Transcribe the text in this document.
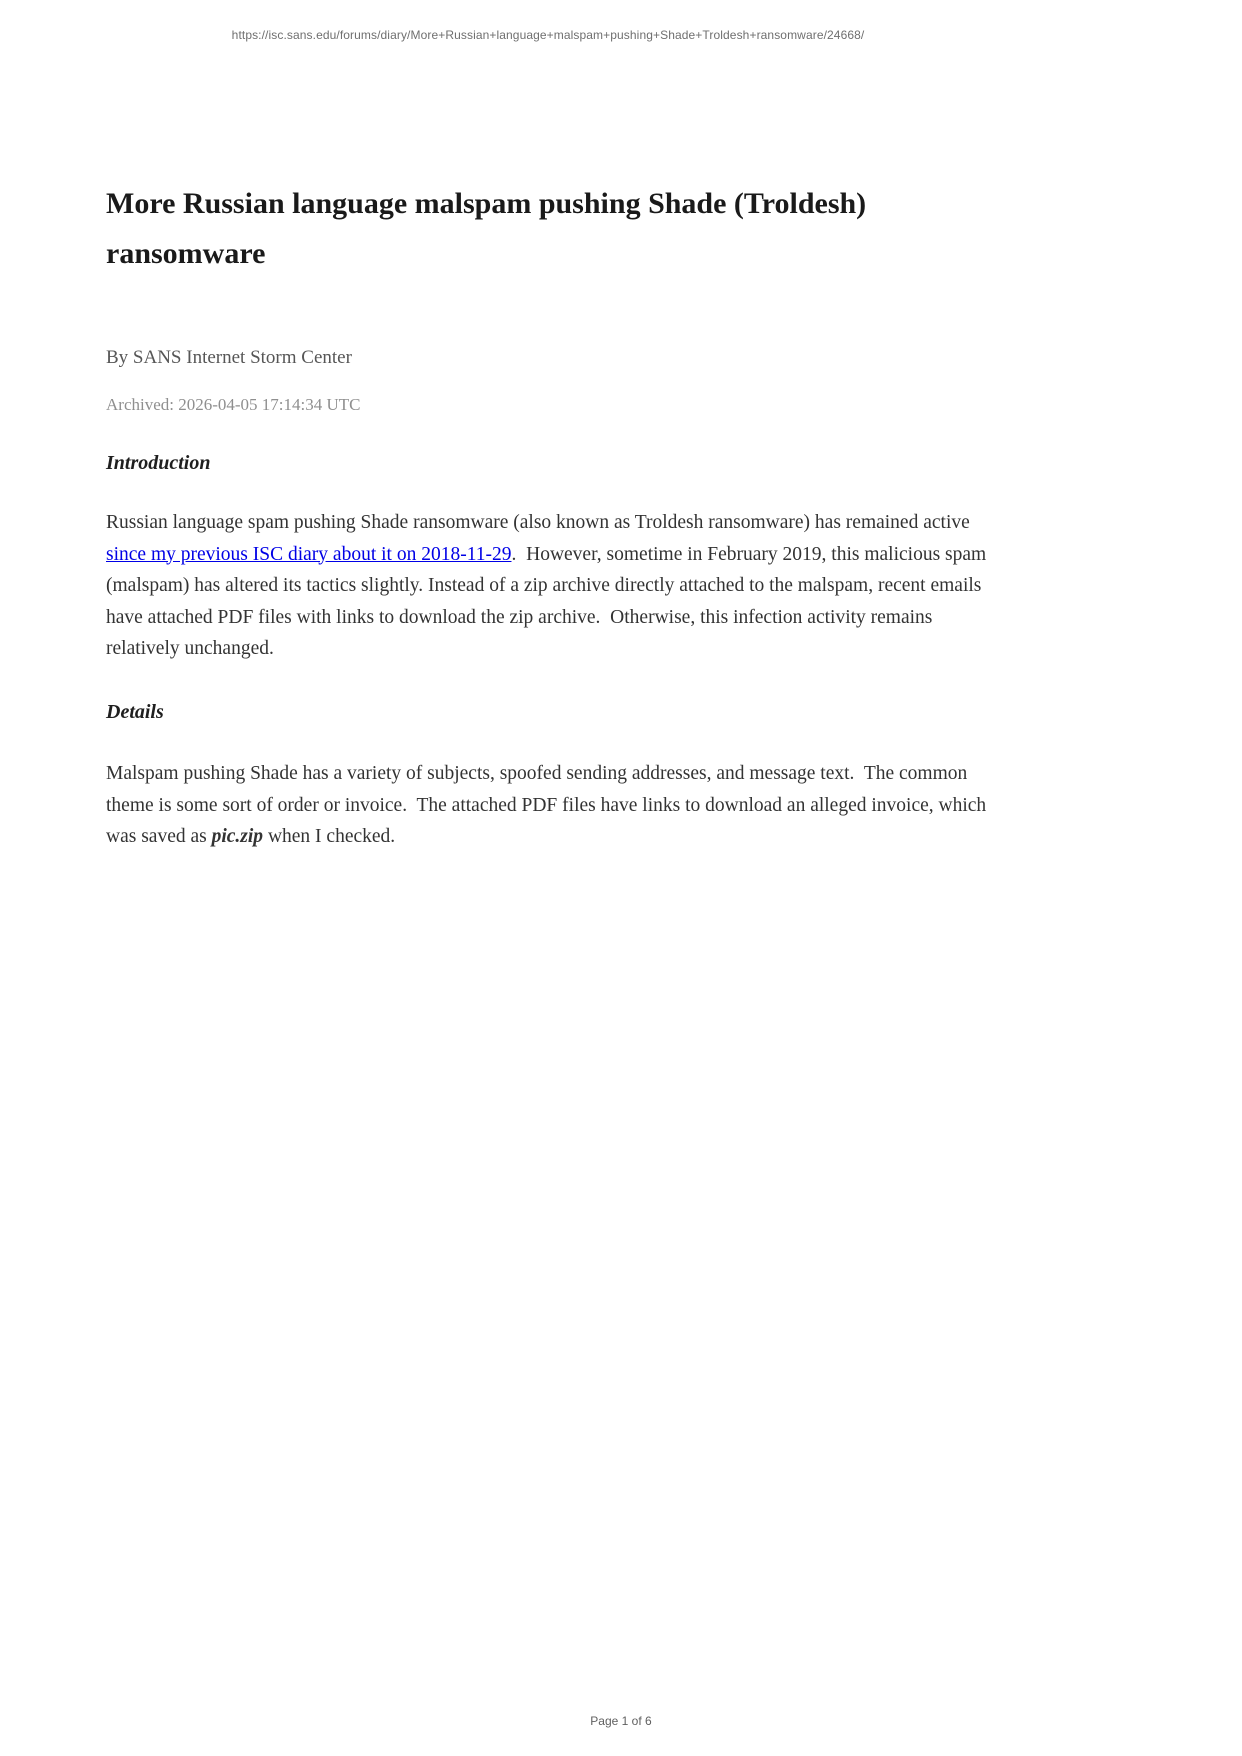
https://isc.sans.edu/forums/diary/More+Russian+language+malspam+pushing+Shade+Troldesh+ransomware/24668/
More Russian language malspam pushing Shade (Troldesh) ransomware
By SANS Internet Storm Center
Archived: 2026-04-05 17:14:34 UTC
Introduction

Russian language spam pushing Shade ransomware (also known as Troldesh ransomware) has remained active since my previous ISC diary about it on 2018-11-29.  However, sometime in February 2019, this malicious spam (malspam) has altered its tactics slightly. Instead of a zip archive directly attached to the malspam, recent emails have attached PDF files with links to download the zip archive.  Otherwise, this infection activity remains relatively unchanged.

Details

Malspam pushing Shade has a variety of subjects, spoofed sending addresses, and message text.  The common theme is some sort of order or invoice.  The attached PDF files have links to download an alleged invoice, which was saved as pic.zip when I checked.

Page 1 of 6
